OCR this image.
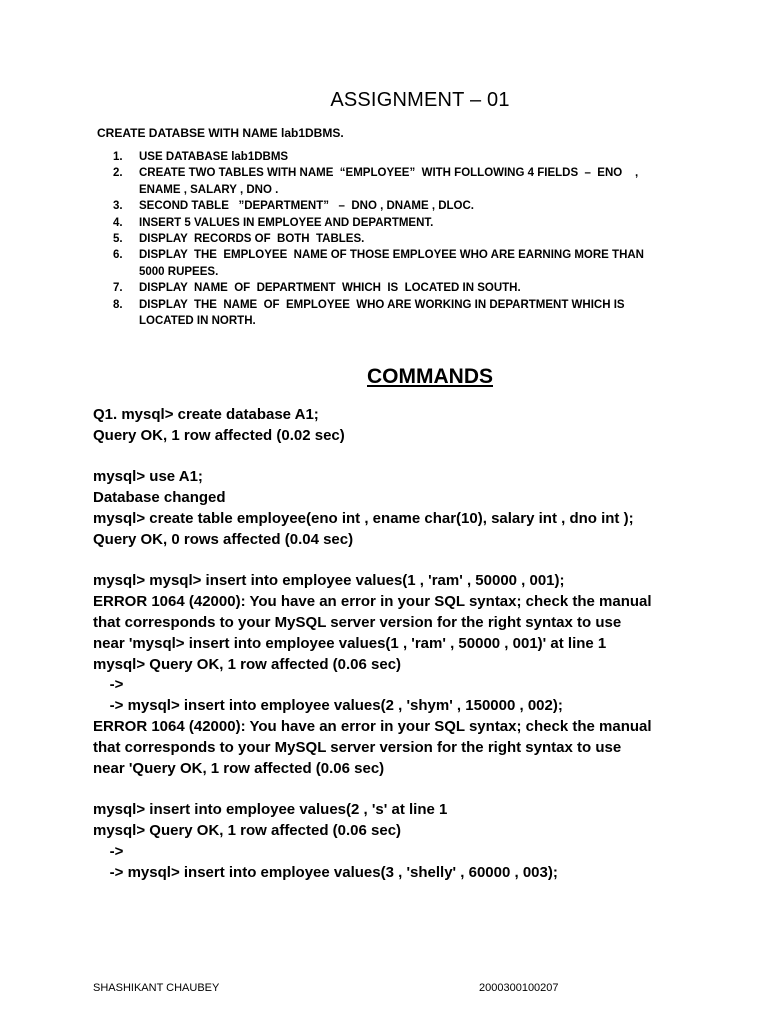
ASSIGNMENT – 01
CREATE DATABSE WITH NAME lab1DBMS.
1.	USE DATABASE lab1DBMS
2.	CREATE TWO TABLES WITH NAME  “EMPLOYEE”  WITH FOLLOWING 4 FIELDS  –  ENO    ,
ENAME , SALARY , DNO .
3.	SECOND TABLE   ”DEPARTMENT”   –  DNO , DNAME , DLOC.
4.	INSERT 5 VALUES IN EMPLOYEE AND DEPARTMENT.
5.	DISPLAY  RECORDS OF  BOTH  TABLES.
6.	DISPLAY  THE  EMPLOYEE  NAME OF THOSE EMPLOYEE WHO ARE EARNING MORE THAN
5000 RUPEES.
7.	DISPLAY  NAME  OF  DEPARTMENT  WHICH  IS  LOCATED IN SOUTH.
8.	DISPLAY  THE  NAME  OF  EMPLOYEE  WHO ARE WORKING IN DEPARTMENT WHICH IS
LOCATED IN NORTH.
COMMANDS
Q1. mysql> create database A1;
Query OK, 1 row affected (0.02 sec)
mysql> use A1;
Database changed
mysql> create table employee(eno int , ename char(10), salary int , dno int );
Query OK, 0 rows affected (0.04 sec)
mysql> mysql> insert into employee values(1 , 'ram' , 50000 , 001);
ERROR 1064 (42000): You have an error in your SQL syntax; check the manual
that corresponds to your MySQL server version for the right syntax to use
near 'mysql> insert into employee values(1 , 'ram' , 50000 , 001)' at line 1
mysql> Query OK, 1 row affected (0.06 sec)
->
-> mysql> insert into employee values(2 , 'shym' , 150000 , 002);
ERROR 1064 (42000): You have an error in your SQL syntax; check the manual
that corresponds to your MySQL server version for the right syntax to use
near 'Query OK, 1 row affected (0.06 sec)
mysql> insert into employee values(2 , 's' at line 1
mysql> Query OK, 1 row affected (0.06 sec)
->
-> mysql> insert into employee values(3 , 'shelly' , 60000 , 003);
SHASHIKANT CHAUBEY	2000300100207
